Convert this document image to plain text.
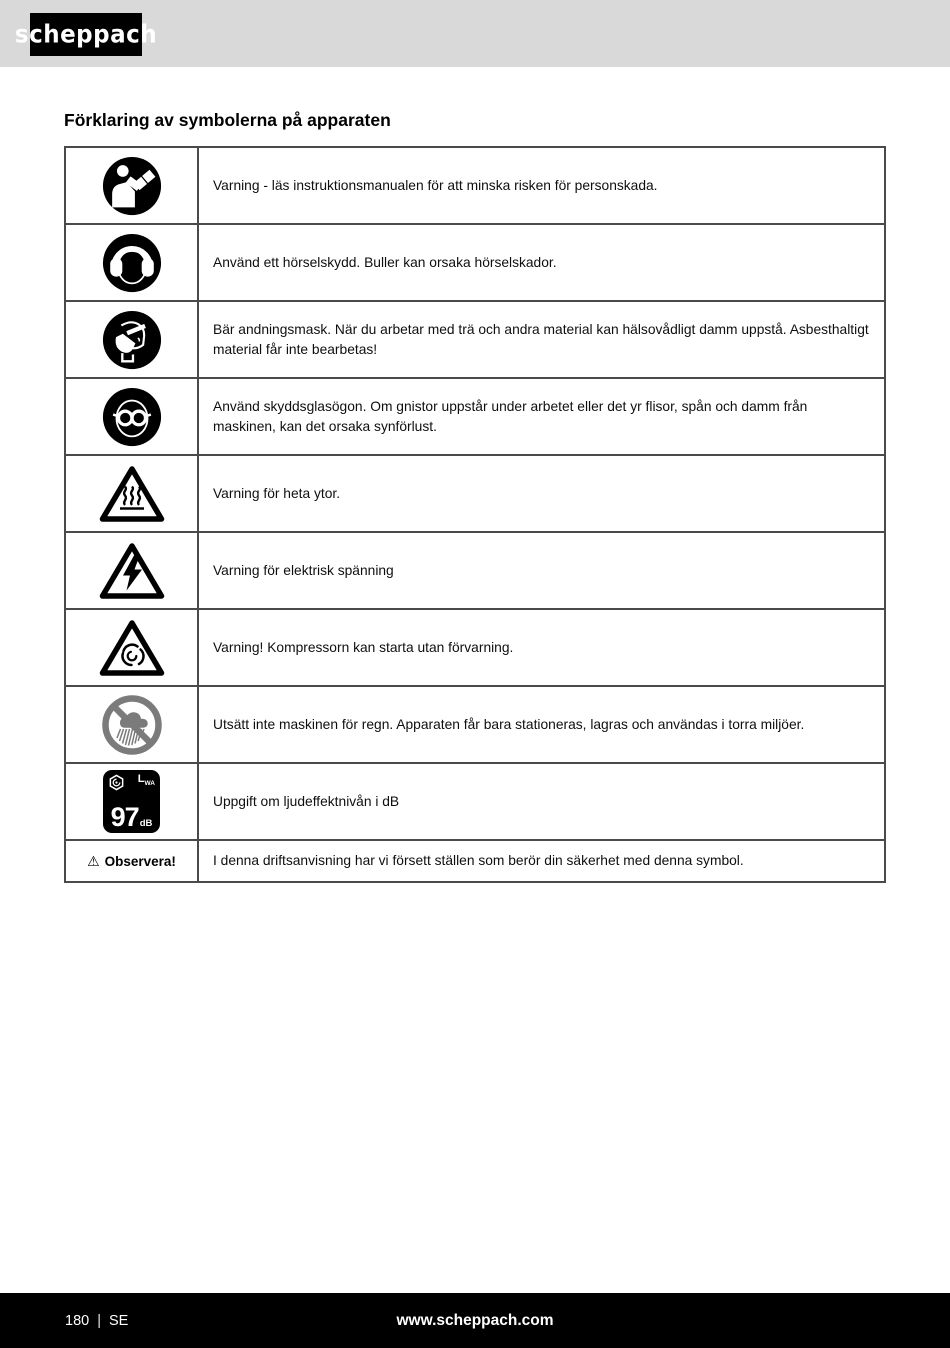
scheppach
Förklaring av symbolerna på apparaten
Varning - läs instruktionsmanualen för att minska risken för personskada.
Använd ett hörselskydd. Buller kan orsaka hörselskador.
Bär andningsmask. När du arbetar med trä och andra material kan hälsovådligt damm uppstå. Asbesthaltigt material får inte bearbetas!
Använd skyddsglasögon. Om gnistor uppstår under arbetet eller det yr flisor, spån och damm från maskinen, kan det orsaka synförlust.
Varning för heta ytor.
Varning för elektrisk spänning
Varning! Kompressorn kan starta utan förvarning.
Utsätt inte maskinen för regn. Apparaten får bara stationeras, lagras och användas i torra miljöer.
$L_{WA}$
97 dB
Uppgift om ljudeffektnivån i dB
⚠ Observera!	I denna driftsanvisning har vi försett ställen som berör din säkerhet med denna symbol.
180 | SE	www.scheppach.com
